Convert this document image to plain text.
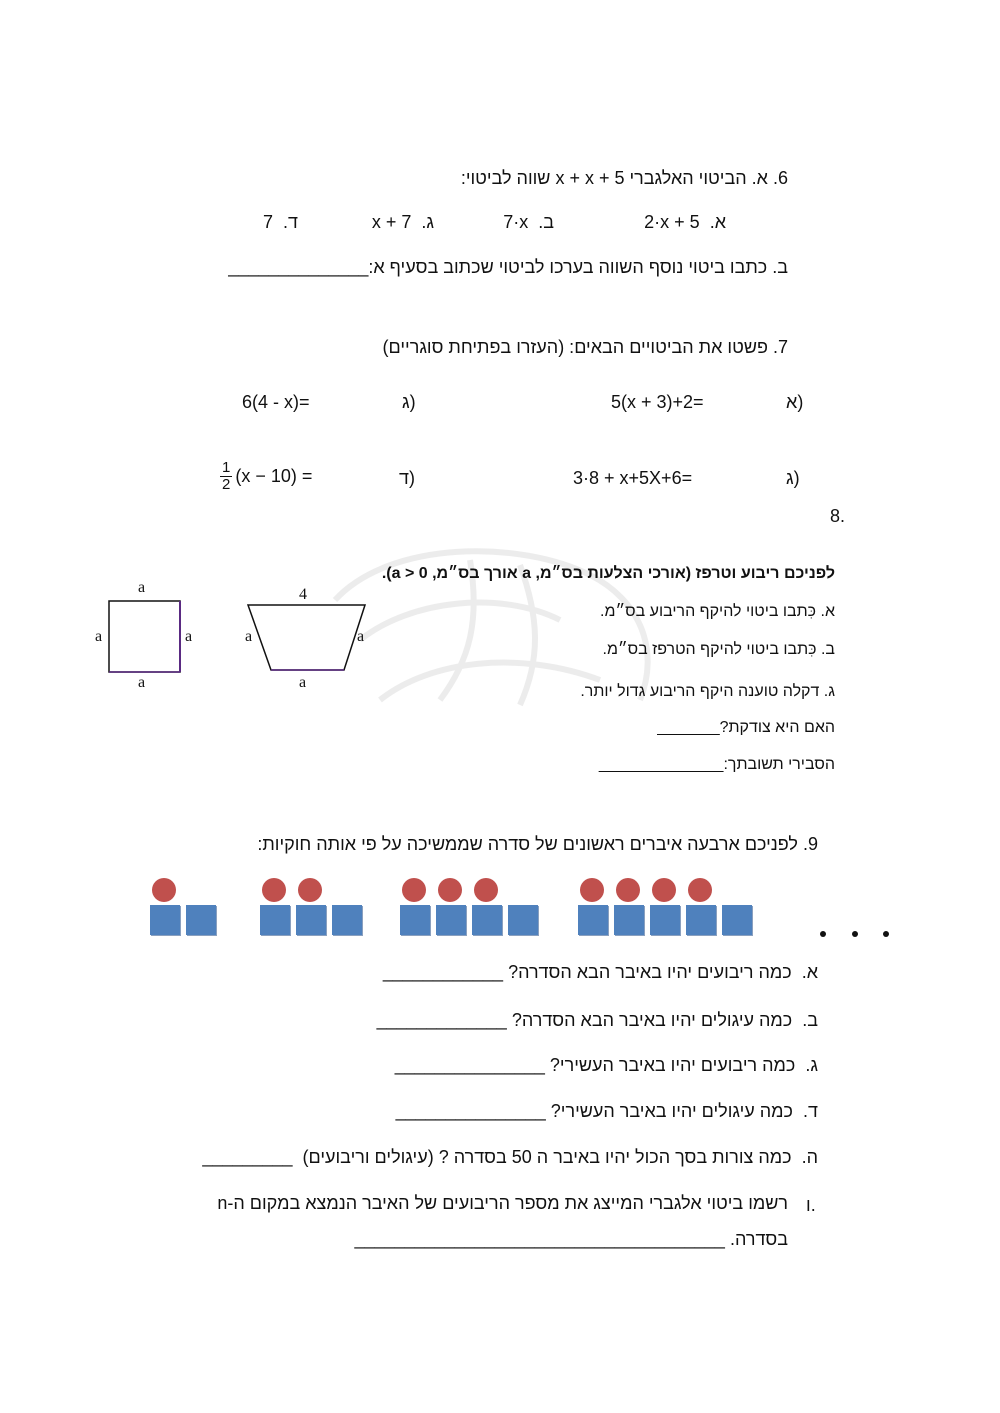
6. א. הביטוי האלגברי x + x + 5 שווה לביטוי:
א.  2·x + 5
ב.  7·x
ג.  x + 7
ד.  7
ב. כתבו ביטוי נוסף השווה בערכו לביטוי שכתוב בסעיף א:______________
7. פשטו את הביטויים הבאים: (העזרו בפתיחת סוגריים)
א)
5(x + 3)+2=
ג)
6(4 - x)=
ג)
3·8 + x+5X+6=
ד)
$\frac{1}{2} (x - 10)$ =
8.
לפניכם ריבוע וטרפז (אורכי הצלעות בס״מ, a אורך בס״מ, 0 < a).
א. כִּתבו ביטוי להיקף הריבוע בס״מ.
ב. כִּתבו ביטוי להיקף הטרפז בס״מ.
ג. דקלה טוענה היקף הריבוע גדול יותר.
האם היא צודקת?_______
הסבירי תשובתך:______________
a
a
a	a
4
a
a	a
9. לפניכם ארבעה איברים ראשונים של סדרה שממשיכה על פי אותה חוקיות:
א.  כמה ריבועים יהיו באיבר הבא הסדרה? ____________
ב.  כמה עיגולים יהיו באיבר הבא הסדרה? _____________
ג.  כמה ריבועים יהיו באיבר העשירי? _______________
ד.  כמה עיגולים יהיו באיבר העשירי? _______________
ה.  כמה צורות בסך הכול יהיו באיבר ה 50 בסדרה ? (עיגולים וריבועים)  _________
ו.
רשמו ביטוי אלגברי המייצג את מספר הריבועים של האיבר הנמצא במקום ה-n
בסדרה. _____________________________________
